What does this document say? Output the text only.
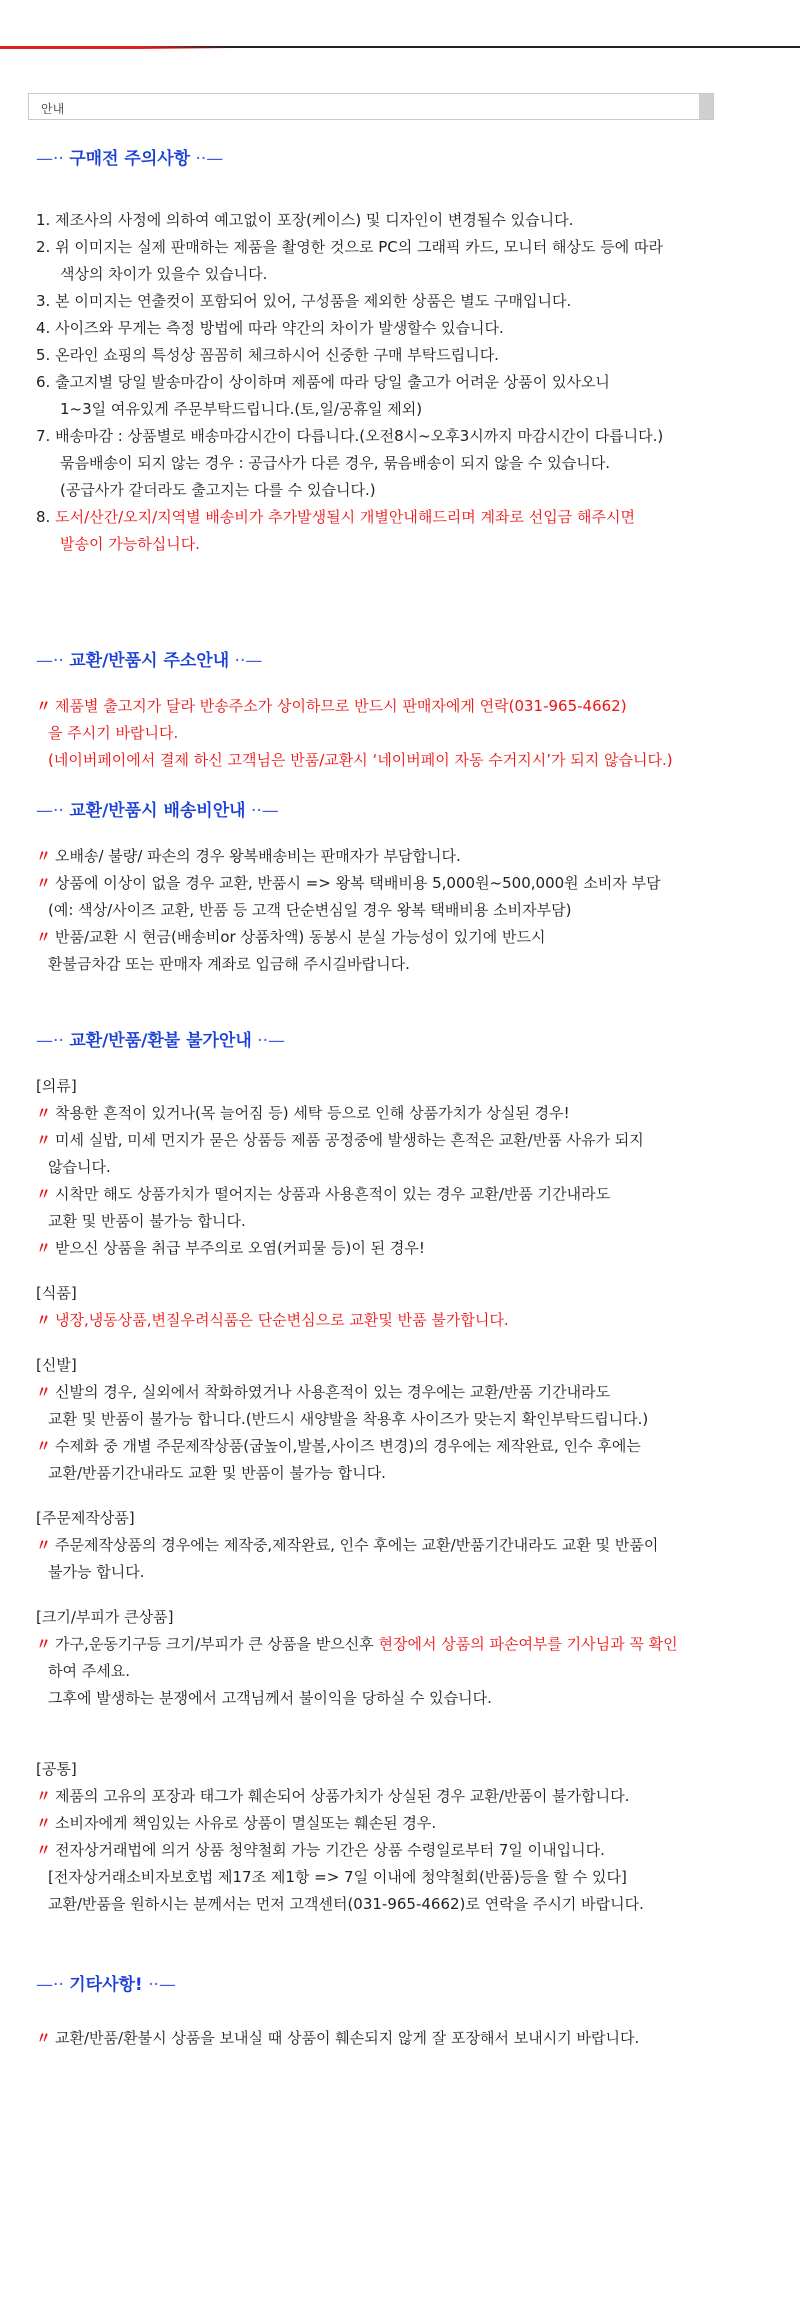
안내
—·· 구매전 주의사항 ··—
1. 제조사의 사정에 의하여 예고없이 포장(케이스) 및 디자인이 변경될수 있습니다.
2. 위 이미지는 실제 판매하는 제품을 촬영한 것으로 PC의 그래픽 카드, 모니터 해상도 등에 따라
색상의 차이가 있을수 있습니다.
3. 본 이미지는 연출컷이 포함되어 있어, 구성품을 제외한 상품은 별도 구매입니다.
4. 사이즈와 무게는 측정 방법에 따라 약간의 차이가 발생할수 있습니다.
5. 온라인 쇼핑의 특성상 꼼꼼히 체크하시어 신중한 구매 부탁드립니다.
6. 출고지별 당일 발송마감이 상이하며 제품에 따라 당일 출고가 어려운 상품이 있사오니
1~3일 여유있게 주문부탁드립니다.(토,일/공휴일 제외)
7. 배송마감 : 상품별로 배송마감시간이 다릅니다.(오전8시~오후3시까지 마감시간이 다릅니다.)
묶음배송이 되지 않는 경우 : 공급사가 다른 경우, 묶음배송이 되지 않을 수 있습니다.
(공급사가 같더라도 출고지는 다를 수 있습니다.)
8. 도서/산간/오지/지역별 배송비가 추가발생될시 개별안내해드리며 계좌로 선입금 해주시면
발송이 가능하십니다.
—·· 교환/반품시 주소안내 ··—
〃 제품별 출고지가 달라 반송주소가 상이하므로 반드시 판매자에게 연락(031-965-4662)
을 주시기 바랍니다.
(네이버페이에서 결제 하신 고객님은 반품/교환시 ‘네이버페이 자동 수거지시’가 되지 않습니다.)
—·· 교환/반품시 배송비안내 ··—
〃 오배송/ 불량/ 파손의 경우 왕복배송비는 판매자가 부담합니다.
〃 상품에 이상이 없을 경우 교환, 반품시 => 왕복 택배비용 5,000원~500,000원 소비자 부담
(예: 색상/사이즈 교환, 반품 등 고객 단순변심일 경우 왕복 택배비용 소비자부담)
〃 반품/교환 시 현금(배송비or 상품차액) 동봉시 분실 가능성이 있기에 반드시
환불금차감 또는 판매자 계좌로 입금해 주시길바랍니다.
—·· 교환/반품/환불 불가안내 ··—
[의류]
〃 착용한 흔적이 있거나(목 늘어짐 등) 세탁 등으로 인해 상품가치가 상실된 경우!
〃 미세 실밥, 미세 먼지가 묻은 상품등 제품 공정중에 발생하는 흔적은 교환/반품 사유가 되지
않습니다.
〃 시착만 해도 상품가치가 떨어지는 상품과 사용흔적이 있는 경우 교환/반품 기간내라도
교환 및 반품이 불가능 합니다.
〃 받으신 상품을 취급 부주의로 오염(커피물 등)이 된 경우!
[식품]
〃 냉장,냉동상품,변질우려식품은 단순변심으로 교환및 반품 불가합니다.
[신발]
〃 신발의 경우, 실외에서 착화하였거나 사용흔적이 있는 경우에는 교환/반품 기간내라도
교환 및 반품이 불가능 합니다.(반드시 새양발을 착용후 사이즈가 맞는지 확인부탁드립니다.)
〃 수제화 중 개별 주문제작상품(굽높이,발볼,사이즈 변경)의 경우에는 제작완료, 인수 후에는
교환/반품기간내라도 교환 및 반품이 불가능 합니다.
[주문제작상품]
〃 주문제작상품의 경우에는 제작중,제작완료, 인수 후에는 교환/반품기간내라도 교환 및 반품이
불가능 합니다.
[크기/부피가 큰상품]
〃 가구,운동기구등 크기/부피가 큰 상품을 받으신후 현장에서 상품의 파손여부를 기사님과 꼭 확인
하여 주세요.
그후에 발생하는 분쟁에서 고객님께서 불이익을 당하실 수 있습니다.
[공통]
〃 제품의 고유의 포장과 태그가 훼손되어 상품가치가 상실된 경우 교환/반품이 불가합니다.
〃 소비자에게 책임있는 사유로 상품이 멸실또는 훼손된 경우.
〃 전자상거래법에 의거 상품 청약철회 가능 기간은 상품 수령일로부터 7일 이내입니다.
[전자상거래소비자보호법 제17조 제1항 => 7일 이내에 청약철회(반품)등을 할 수 있다]
교환/반품을 원하시는 분께서는 먼저 고객센터(031-965-4662)로 연락을 주시기 바랍니다.
—·· 기타사항! ··—
〃 교환/반품/환불시 상품을 보내실 때 상품이 훼손되지 않게 잘 포장해서 보내시기 바랍니다.
